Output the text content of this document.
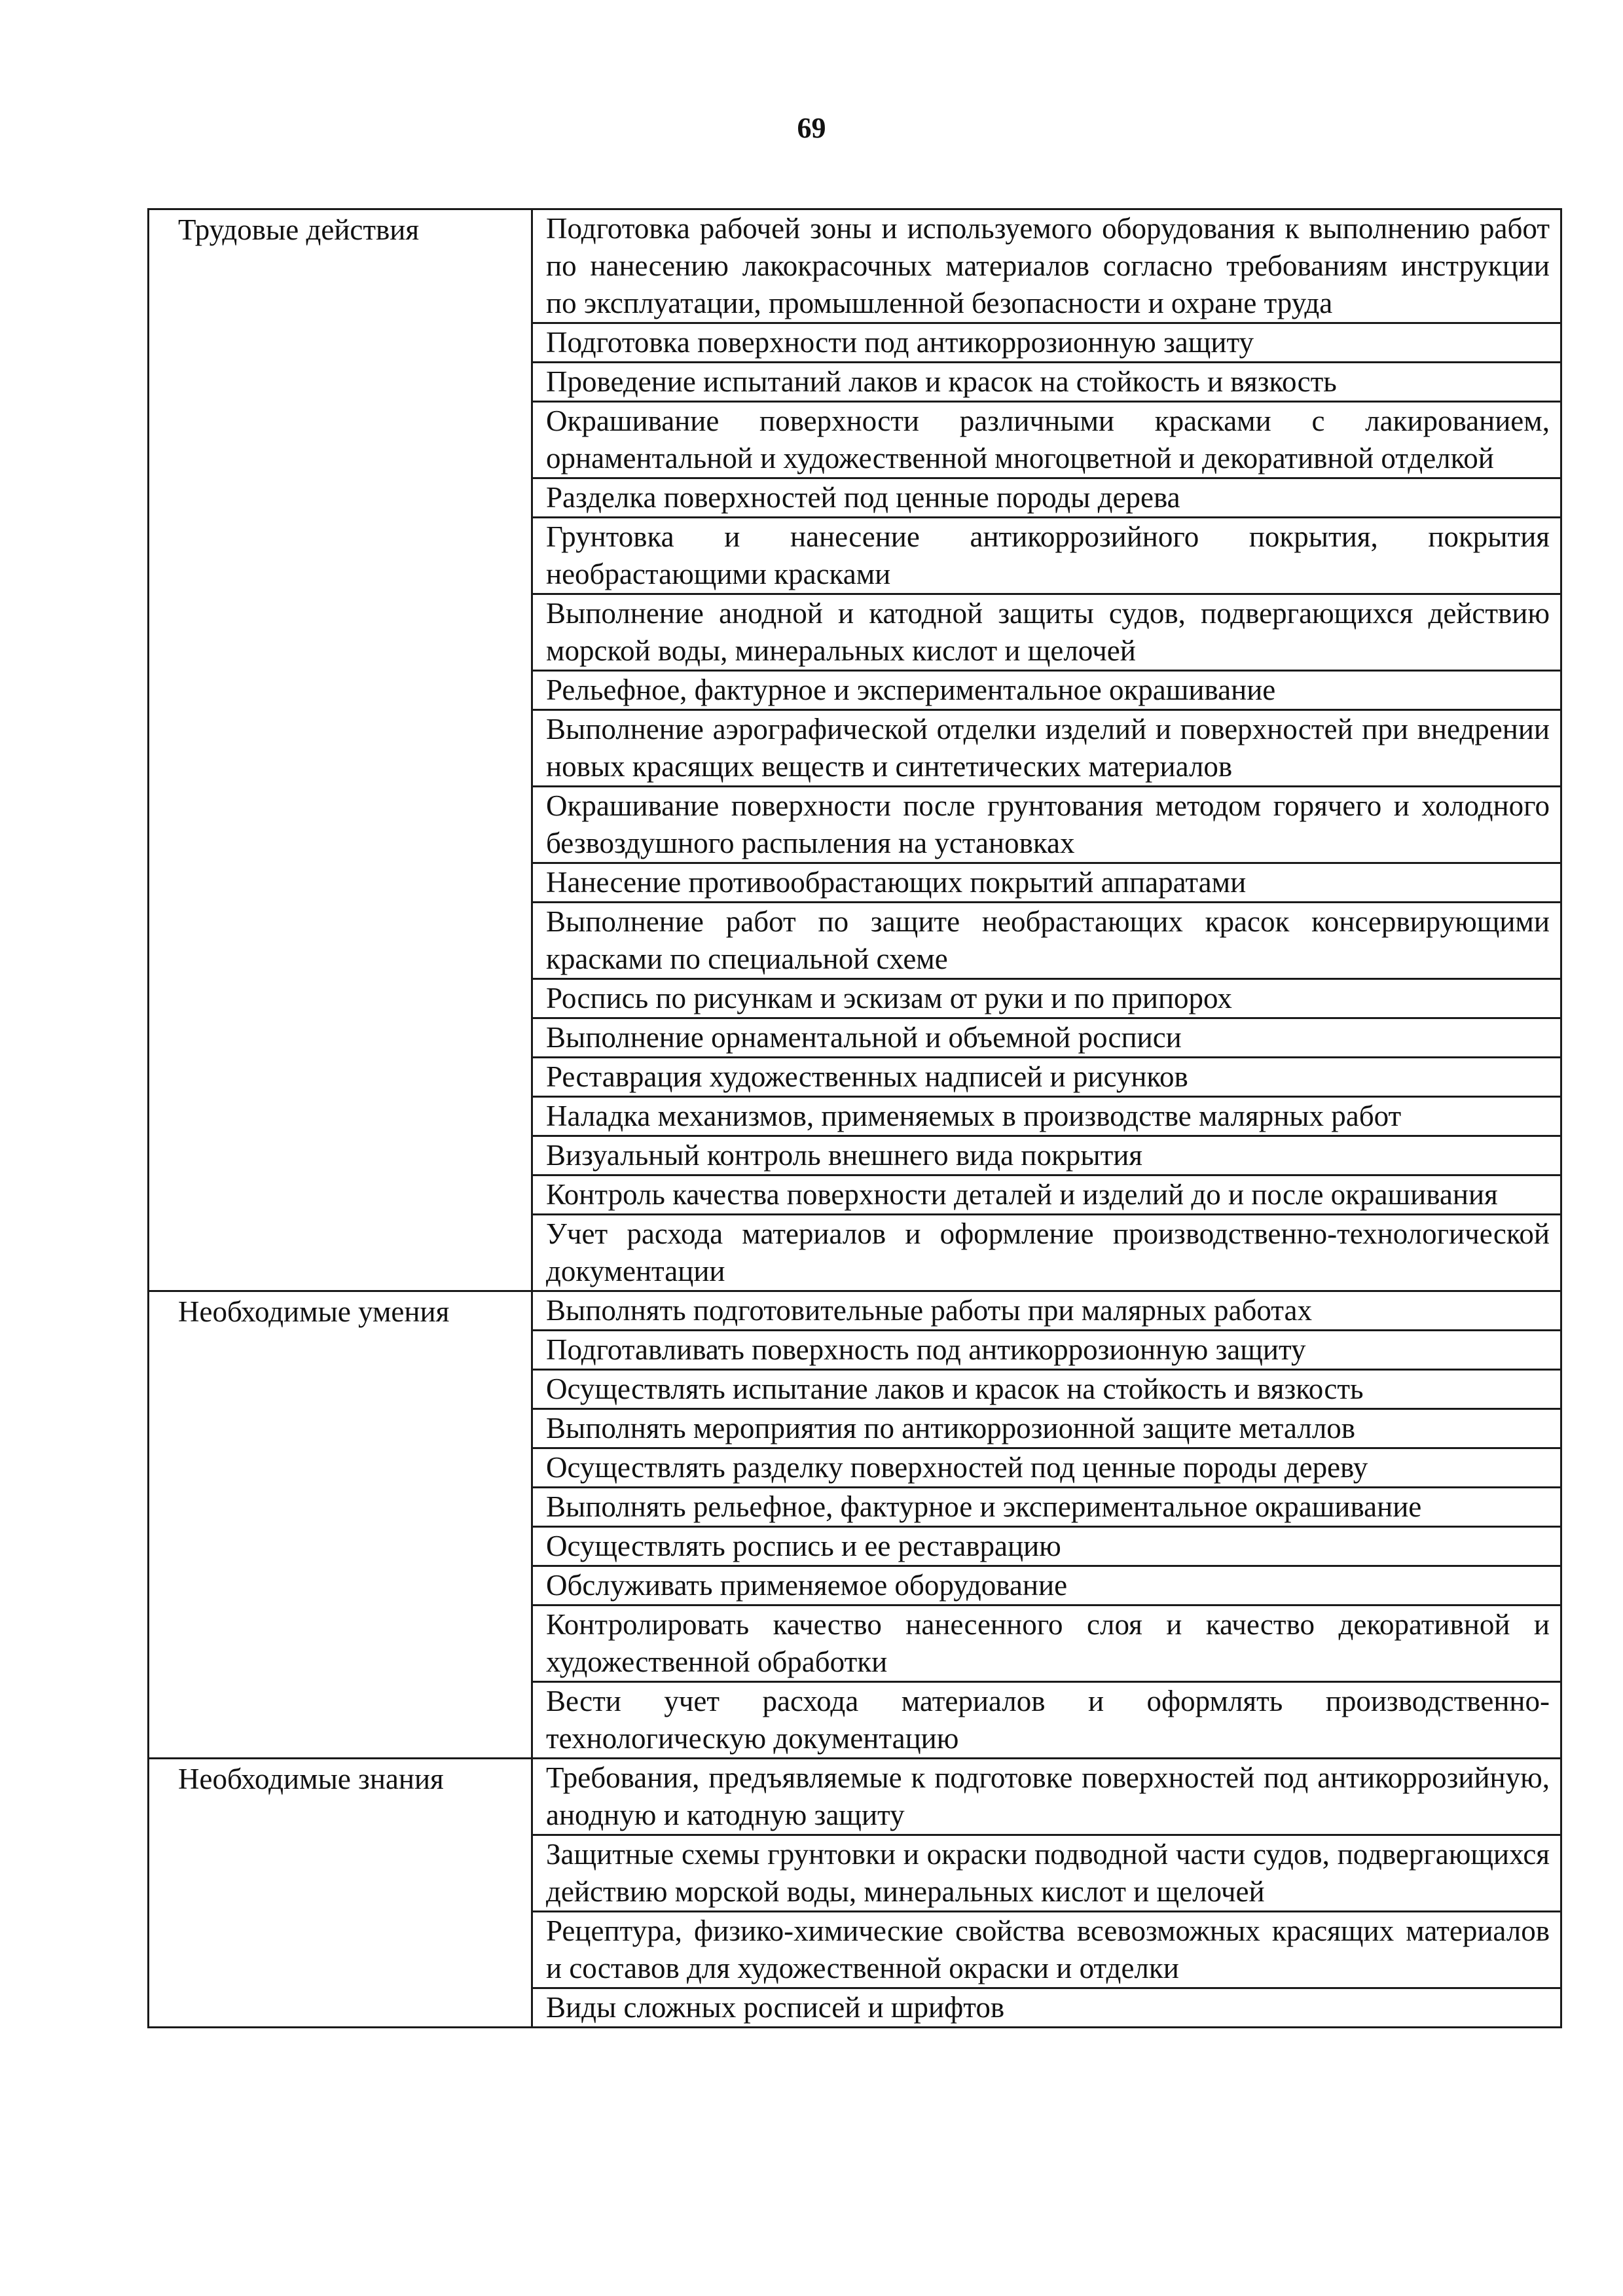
69
Трудовые действия	Подготовка рабочей зоны и используемого оборудования к выполнению работ по нанесению лакокрасочных материалов согласно требованиям инструкции по эксплуатации, промышленной безопасности и охране труда
	Подготовка поверхности под антикоррозионную защиту
	Проведение испытаний лаков и красок на стойкость и вязкость
	Окрашивание поверхности различными красками с лакированием, орнаментальной и художественной многоцветной и декоративной отделкой
	Разделка поверхностей под ценные породы дерева
	Грунтовка и нанесение антикоррозийного покрытия, покрытия необрастающими красками
	Выполнение анодной и катодной защиты судов, подвергающихся действию морской воды, минеральных кислот и щелочей
	Рельефное, фактурное и экспериментальное окрашивание
	Выполнение аэрографической отделки изделий и поверхностей при внедрении новых красящих веществ и синтетических материалов
	Окрашивание поверхности после грунтования методом горячего и холодного безвоздушного распыления на установках
	Нанесение противообрастающих покрытий аппаратами
	Выполнение работ по защите необрастающих красок консервирующими красками по специальной схеме
	Роспись по рисункам и эскизам от руки и по припорох
	Выполнение орнаментальной и объемной росписи
	Реставрация художественных надписей и рисунков
	Наладка механизмов, применяемых в производстве малярных работ
	Визуальный контроль внешнего вида покрытия
	Контроль качества поверхности деталей и изделий до и после окрашивания
	Учет расхода материалов и оформление производственно-технологической документации
Необходимые умения	Выполнять подготовительные работы при малярных работах
	Подготавливать поверхность под антикоррозионную защиту
	Осуществлять испытание лаков и красок на стойкость и вязкость
	Выполнять мероприятия по антикоррозионной защите металлов
	Осуществлять разделку поверхностей под ценные породы дереву
	Выполнять рельефное, фактурное и экспериментальное окрашивание
	Осуществлять роспись и ее реставрацию
	Обслуживать применяемое оборудование
	Контролировать качество нанесенного слоя и качество декоративной и художественной обработки
	Вести учет расхода материалов и оформлять производственно-технологическую документацию
Необходимые знания	Требования, предъявляемые к подготовке поверхностей под антикоррозийную, анодную и катодную защиту
	Защитные схемы грунтовки и окраски подводной части судов, подвергающихся действию морской воды, минеральных кислот и щелочей
	Рецептура, физико-химические свойства всевозможных красящих материалов и составов для художественной окраски и отделки
	Виды сложных росписей и шрифтов
